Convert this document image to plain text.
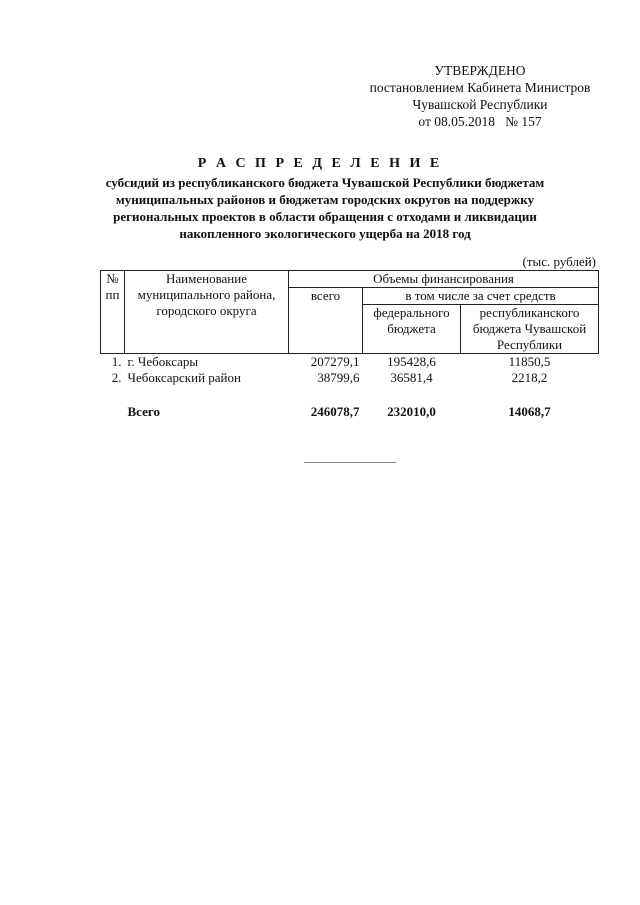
УТВЕРЖДЕНО
постановлением Кабинета Министров
Чувашской Республики
от 08.05.2018   № 157
Р А С П Р Е Д Е Л Е Н И Е
субсидий из республиканского бюджета Чувашской Республики бюджетам муниципальных районов и бюджетам городских округов на поддержку региональных проектов в области обращения с отходами и ликвидации накопленного экологического ущерба на 2018 год
(тыс. рублей)
№ пп	Наименование муниципального района, городского округа	Объемы финансирования		
		всего	в том числе за счет средств	
			федерального бюджета	республиканского бюджета Чувашской Республики
1.	г. Чебоксары	207279,1	195428,6	11850,5
2.	Чебоксарский район	38799,6	36581,4	2218,2

	Всего	246078,7	232010,0	14068,7
